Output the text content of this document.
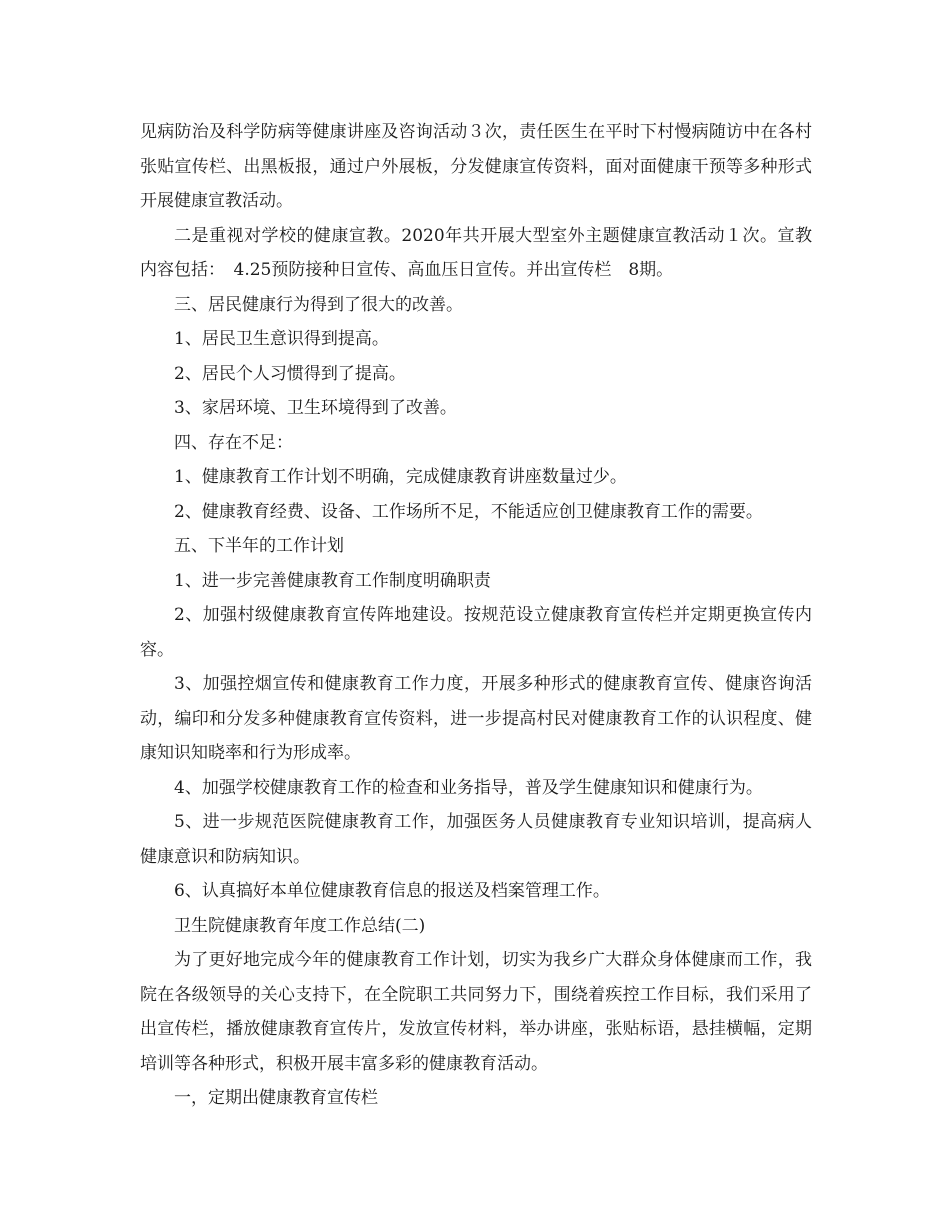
见病防治及科学防病等健康讲座及咨询活动３次，责任医生在平时下村慢病随访中在各村张贴宣传栏、出黑板报，通过户外展板，分发健康宣传资料，面对面健康干预等多种形式开展健康宣教活动。

二是重视对学校的健康宣教。2020年共开展大型室外主题健康宣教活动１次。宣教内容包括：　4.25预防接种日宣传、高血压日宣传。并出宣传栏　8期。

三、居民健康行为得到了很大的改善。

1、居民卫生意识得到提高。

2、居民个人习惯得到了提高。

3、家居环境、卫生环境得到了改善。

四、存在不足：

1、健康教育工作计划不明确，完成健康教育讲座数量过少。

2、健康教育经费、设备、工作场所不足，不能适应创卫健康教育工作的需要。

五、下半年的工作计划

1、进一步完善健康教育工作制度明确职责

2、加强村级健康教育宣传阵地建设。按规范设立健康教育宣传栏并定期更换宣传内容。

3、加强控烟宣传和健康教育工作力度，开展多种形式的健康教育宣传、健康咨询活动，编印和分发多种健康教育宣传资料，进一步提高村民对健康教育工作的认识程度、健康知识知晓率和行为形成率。

4、加强学校健康教育工作的检查和业务指导，普及学生健康知识和健康行为。

5、进一步规范医院健康教育工作，加强医务人员健康教育专业知识培训，提高病人健康意识和防病知识。

6、认真搞好本单位健康教育信息的报送及档案管理工作。

卫生院健康教育年度工作总结(二)

为了更好地完成今年的健康教育工作计划，切实为我乡广大群众身体健康而工作，我院在各级领导的关心支持下，在全院职工共同努力下，围绕着疾控工作目标，我们采用了出宣传栏，播放健康教育宣传片，发放宣传材料，举办讲座，张贴标语，悬挂横幅，定期培训等各种形式，积极开展丰富多彩的健康教育活动。

一，定期出健康教育宣传栏
